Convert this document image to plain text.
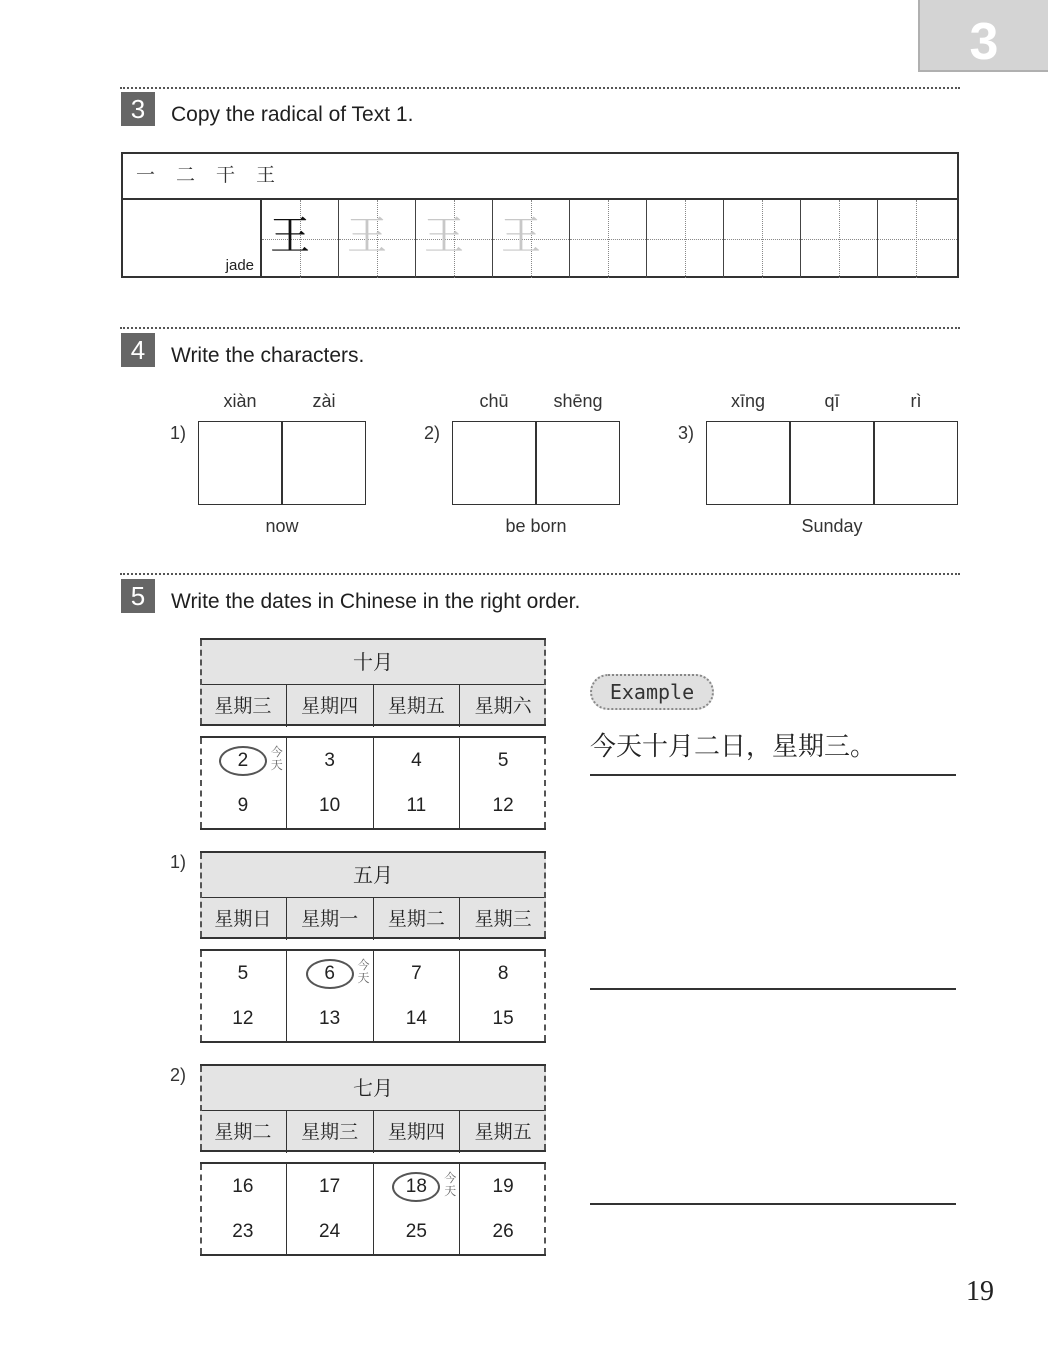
3
3	Copy the radical of Text 1.
一 二 干 王
jade
王 王 王 王
4	Write the characters.
1)
xiàn	zài
now
2)
chū	shēng
be born
3)
xīng	qī	rì
Sunday
5	Write the dates in Chinese in the right order.
十月
星期三	星期四	星期五	星期六
2 今天	3	4	5
9	10	11	12
1)
五月
星期日	星期一	星期二	星期三
5	6 今天	7	8
12	13	14	15
2)
七月
星期二	星期三	星期四	星期五
16	17	18 今天	19
23	24	25	26
Example
今天十月二日，星期三。
19
